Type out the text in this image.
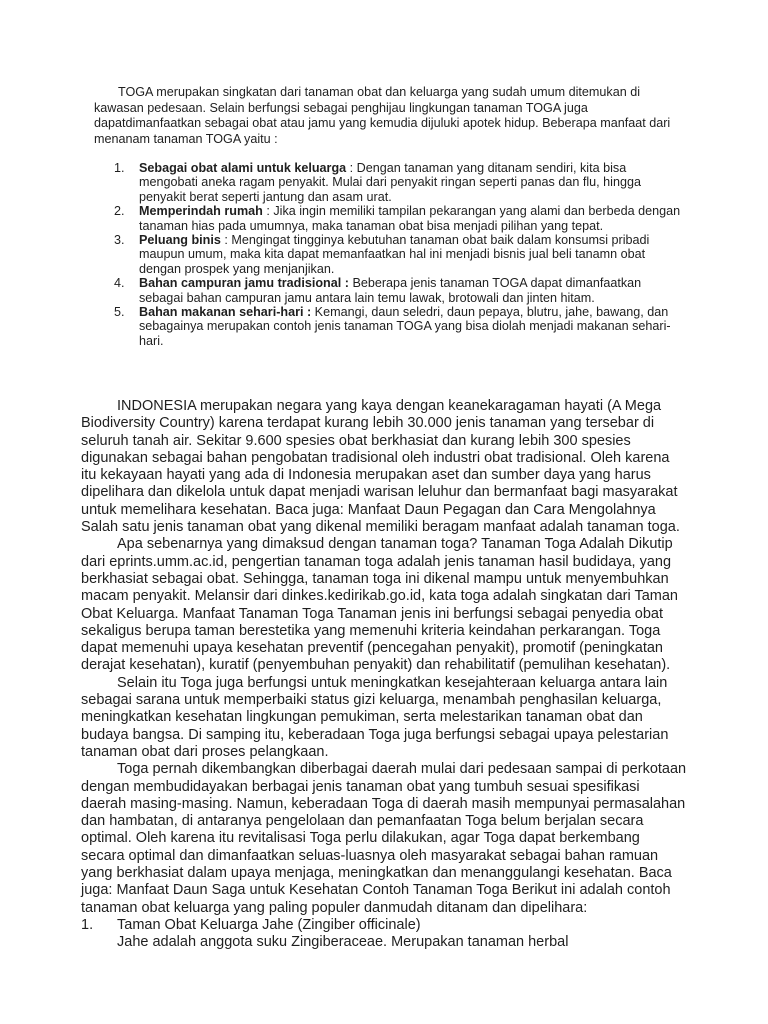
TOGA merupakan singkatan dari tanaman obat dan keluarga yang sudah umum ditemukan di kawasan pedesaan. Selain berfungsi sebagai penghijau lingkungan tanaman TOGA juga dapatdimanfaatkan sebagai obat atau jamu yang kemudia dijuluki apotek hidup. Beberapa manfaat dari menanam tanaman TOGA yaitu :

1. Sebagai obat alami untuk keluarga : Dengan tanaman yang ditanam sendiri, kita bisa mengobati aneka ragam penyakit. Mulai dari penyakit ringan seperti panas dan flu, hingga penyakit berat seperti jantung dan asam urat.
2. Memperindah rumah : Jika ingin memiliki tampilan pekarangan yang alami dan berbeda dengan tanaman hias pada umumnya, maka tanaman obat bisa menjadi pilihan yang tepat.
3. Peluang binis : Mengingat tingginya kebutuhan tanaman obat baik dalam konsumsi pribadi maupun umum, maka kita dapat memanfaatkan hal ini menjadi bisnis jual beli tanamn obat dengan prospek yang menjanjikan.
4. Bahan campuran jamu tradisional : Beberapa jenis tanaman TOGA dapat dimanfaatkan sebagai bahan campuran jamu antara lain temu lawak, brotowali dan jinten hitam.
5. Bahan makanan sehari-hari : Kemangi, daun seledri, daun pepaya, blutru, jahe, bawang, dan sebagainya merupakan contoh jenis tanaman TOGA yang bisa diolah menjadi makanan sehari-hari.

INDONESIA merupakan negara yang kaya dengan keanekaragaman hayati (A Mega Biodiversity Country) karena terdapat kurang lebih 30.000 jenis tanaman yang tersebar di seluruh tanah air. Sekitar 9.600 spesies obat berkhasiat dan kurang lebih 300 spesies digunakan sebagai bahan pengobatan tradisional oleh industri obat tradisional. Oleh karena itu kekayaan hayati yang ada di Indonesia merupakan aset dan sumber daya yang harus dipelihara dan dikelola untuk dapat menjadi warisan leluhur dan bermanfaat bagi masyarakat untuk memelihara kesehatan. Baca juga: Manfaat Daun Pegagan dan Cara Mengolahnya Salah satu jenis tanaman obat yang dikenal memiliki beragam manfaat adalah tanaman toga.

Apa sebenarnya yang dimaksud dengan tanaman toga? Tanaman Toga Adalah Dikutip dari eprints.umm.ac.id, pengertian tanaman toga adalah jenis tanaman hasil budidaya, yang berkhasiat sebagai obat. Sehingga, tanaman toga ini dikenal mampu untuk menyembuhkan macam penyakit. Melansir dari dinkes.kedirikab.go.id, kata toga adalah singkatan dari Taman Obat Keluarga. Manfaat Tanaman Toga Tanaman jenis ini berfungsi sebagai penyedia obat sekaligus berupa taman berestetika yang memenuhi kriteria keindahan perkarangan. Toga dapat memenuhi upaya kesehatan preventif (pencegahan penyakit), promotif (peningkatan derajat kesehatan), kuratif (penyembuhan penyakit) dan rehabilitatif (pemulihan kesehatan).

Selain itu Toga juga berfungsi untuk meningkatkan kesejahteraan keluarga antara lain sebagai sarana untuk memperbaiki status gizi keluarga, menambah penghasilan keluarga, meningkatkan kesehatan lingkungan pemukiman, serta melestarikan tanaman obat dan budaya bangsa. Di samping itu, keberadaan Toga juga berfungsi sebagai upaya pelestarian tanaman obat dari proses pelangkaan.

Toga pernah dikembangkan diberbagai daerah mulai dari pedesaan sampai di perkotaan dengan membudidayakan berbagai jenis tanaman obat yang tumbuh sesuai spesifikasi daerah masing-masing. Namun, keberadaan Toga di daerah masih mempunyai permasalahan dan hambatan, di antaranya pengelolaan dan pemanfaatan Toga belum berjalan secara optimal. Oleh karena itu revitalisasi Toga perlu dilakukan, agar Toga dapat berkembang secara optimal dan dimanfaatkan seluas-luasnya oleh masyarakat sebagai bahan ramuan yang berkhasiat dalam upaya menjaga, meningkatkan dan menanggulangi kesehatan. Baca juga: Manfaat Daun Saga untuk Kesehatan Contoh Tanaman Toga Berikut ini adalah contoh tanaman obat keluarga yang paling populer danmudah ditanam dan dipelihara:

1. Taman Obat Keluarga Jahe (Zingiber officinale)

Jahe adalah anggota suku Zingiberaceae. Merupakan tanaman herbal
